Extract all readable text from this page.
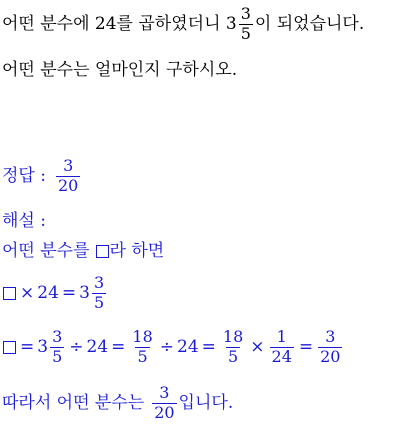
어떤 분수에 24를 곱하였더니 $3 \frac{3}{5}$ 이 되었습니다.
어떤 분수는 얼마인지 구하시오.
정답 : $\frac{3}{20}$
해설 :
어떤 분수를 라 하면
× $24 = 3 \frac{3}{5}$
= $3 \frac{3}{5} \div 24 = \frac{18}{5} \div 24 = \frac{18}{5} \times \frac{1}{24} = \frac{3}{20}$
따라서 어떤 분수는 $\frac{3}{20}$ 입니다.
